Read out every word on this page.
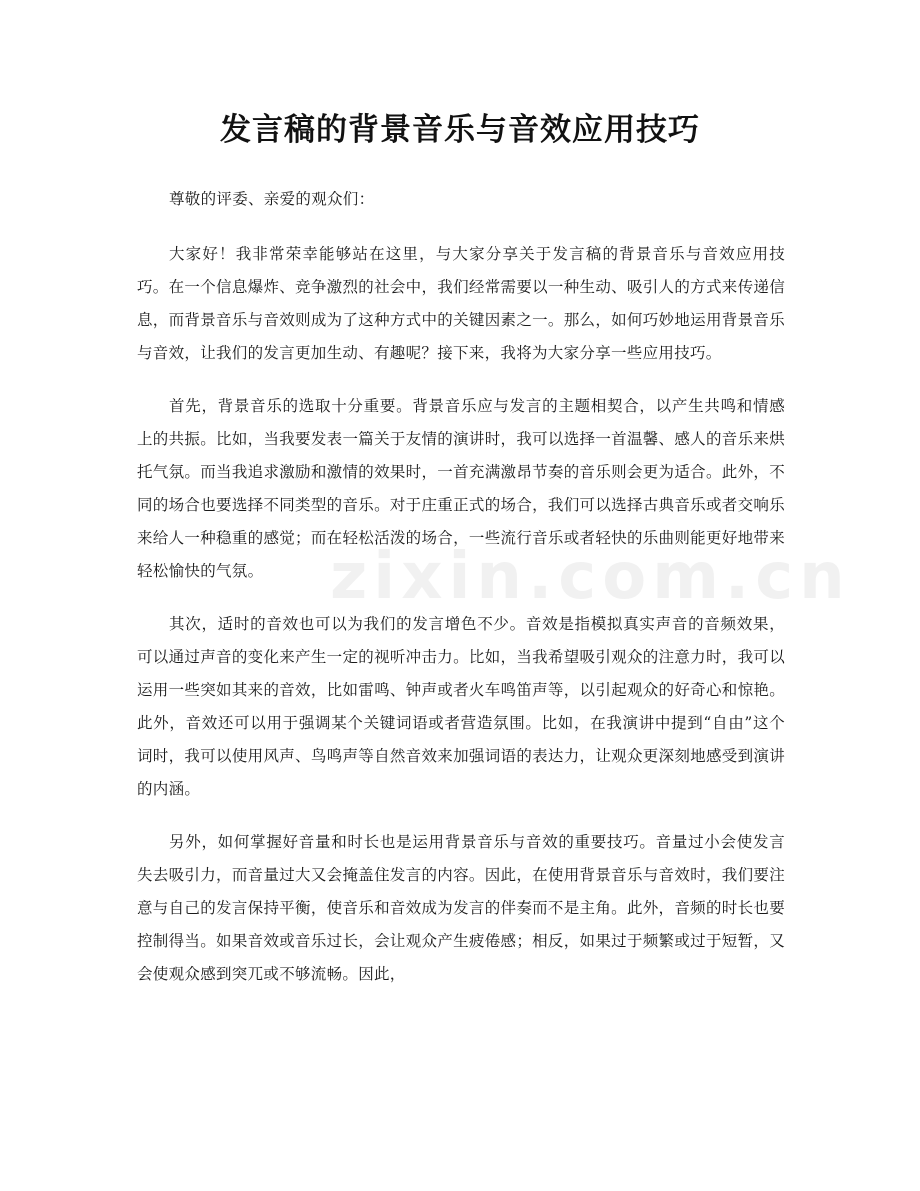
发言稿的背景音乐与音效应用技巧

尊敬的评委、亲爱的观众们：

大家好！我非常荣幸能够站在这里，与大家分享关于发言稿的背景音乐与音效应用技巧。在一个信息爆炸、竞争激烈的社会中，我们经常需要以一种生动、吸引人的方式来传递信息，而背景音乐与音效则成为了这种方式中的关键因素之一。那么，如何巧妙地运用背景音乐与音效，让我们的发言更加生动、有趣呢？接下来，我将为大家分享一些应用技巧。

首先，背景音乐的选取十分重要。背景音乐应与发言的主题相契合，以产生共鸣和情感上的共振。比如，当我要发表一篇关于友情的演讲时，我可以选择一首温馨、感人的音乐来烘托气氛。而当我追求激励和激情的效果时，一首充满激昂节奏的音乐则会更为适合。此外，不同的场合也要选择不同类型的音乐。对于庄重正式的场合，我们可以选择古典音乐或者交响乐来给人一种稳重的感觉；而在轻松活泼的场合，一些流行音乐或者轻快的乐曲则能更好地带来轻松愉快的气氛。

其次，适时的音效也可以为我们的发言增色不少。音效是指模拟真实声音的音频效果，可以通过声音的变化来产生一定的视听冲击力。比如，当我希望吸引观众的注意力时，我可以运用一些突如其来的音效，比如雷鸣、钟声或者火车鸣笛声等，以引起观众的好奇心和惊艳。此外，音效还可以用于强调某个关键词语或者营造氛围。比如，在我演讲中提到“自由”这个词时，我可以使用风声、鸟鸣声等自然音效来加强词语的表达力，让观众更深刻地感受到演讲的内涵。

另外，如何掌握好音量和时长也是运用背景音乐与音效的重要技巧。音量过小会使发言失去吸引力，而音量过大又会掩盖住发言的内容。因此，在使用背景音乐与音效时，我们要注意与自己的发言保持平衡，使音乐和音效成为发言的伴奏而不是主角。此外，音频的时长也要控制得当。如果音效或音乐过长，会让观众产生疲倦感；相反，如果过于频繁或过于短暂，又会使观众感到突兀或不够流畅。因此，

zixin.com.cn
